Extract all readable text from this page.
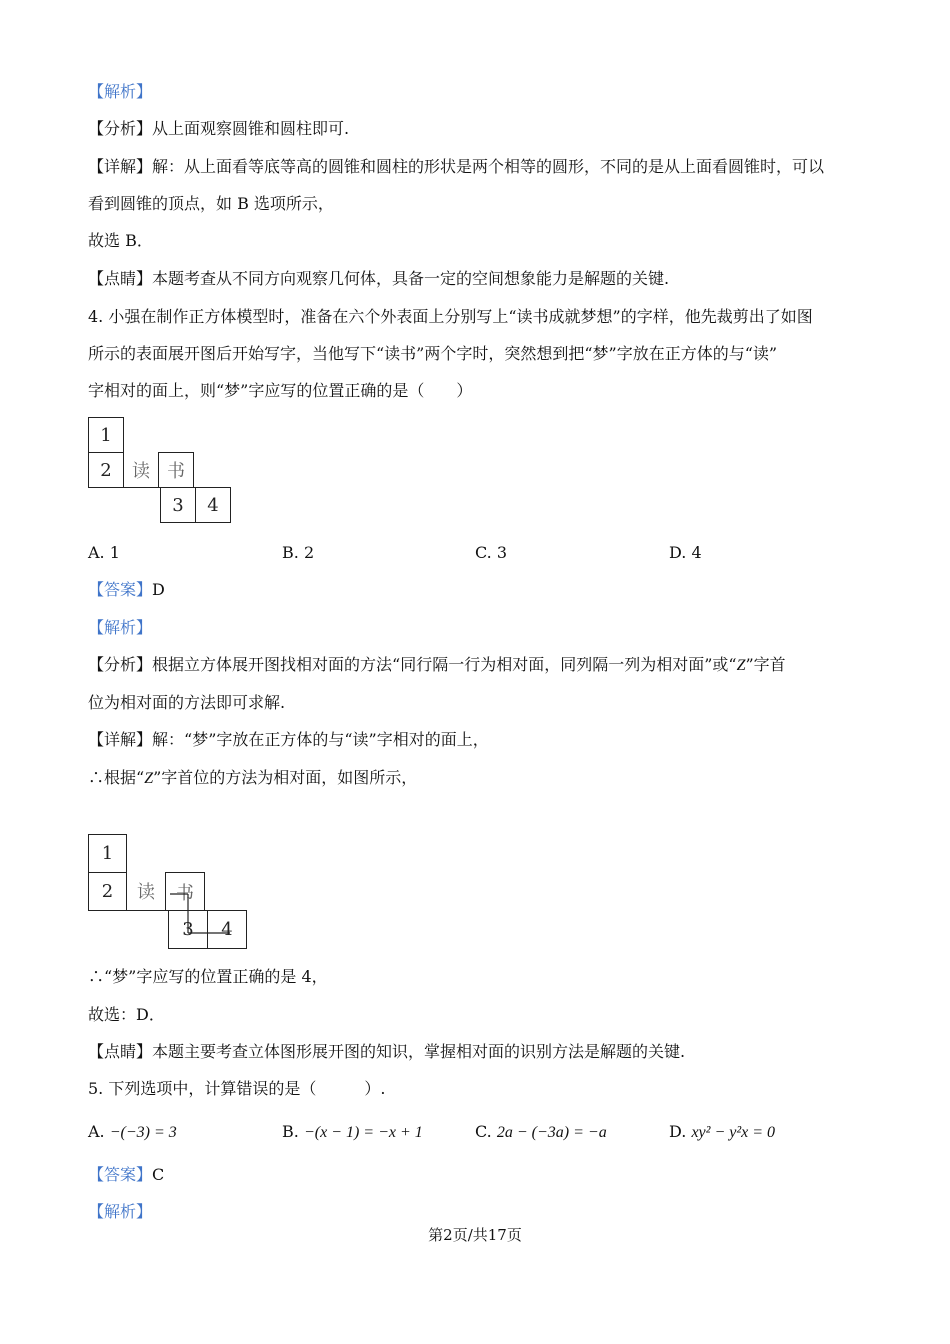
【解析】
【分析】从上面观察圆锥和圆柱即可.
【详解】解：从上面看等底等高的圆锥和圆柱的形状是两个相等的圆形，不同的是从上面看圆锥时，可以
看到圆锥的顶点，如 B 选项所示，
故选 B．
【点睛】本题考查从不同方向观察几何体，具备一定的空间想象能力是解题的关键.
4. 小强在制作正方体模型时，准备在六个外表面上分别写上“读书成就梦想”的字样，他先裁剪出了如图
所示的表面展开图后开始写字，当他写下“读书”两个字时，突然想到把“梦”字放在正方体的与“读”
字相对的面上，则“梦”字应写的位置正确的是（　　）
1
2	读 书
3	4
A. 1	B. 2	C. 3	D. 4
【答案】D
【解析】
【分析】根据立方体展开图找相对面的方法“同行隔一行为相对面，同列隔一列为相对面”或“Z”字首
位为相对面的方法即可求解.
【详解】解：“梦”字放在正方体的与“读”字相对的面上，
∴根据“Z”字首位的方法为相对面，如图所示，
1
2	读	书
3	4
∴“梦”字应写的位置正确的是 4，
故选：D．
【点睛】本题主要考查立体图形展开图的知识，掌握相对面的识别方法是解题的关键.
5. 下列选项中，计算错误的是（　　　）.
A. −(−3) = 3	B. −(x − 1) = −x + 1	C. 2a − (−3a) = −a	D. xy² − y²x = 0
【答案】C
【解析】
第2页/共17页
